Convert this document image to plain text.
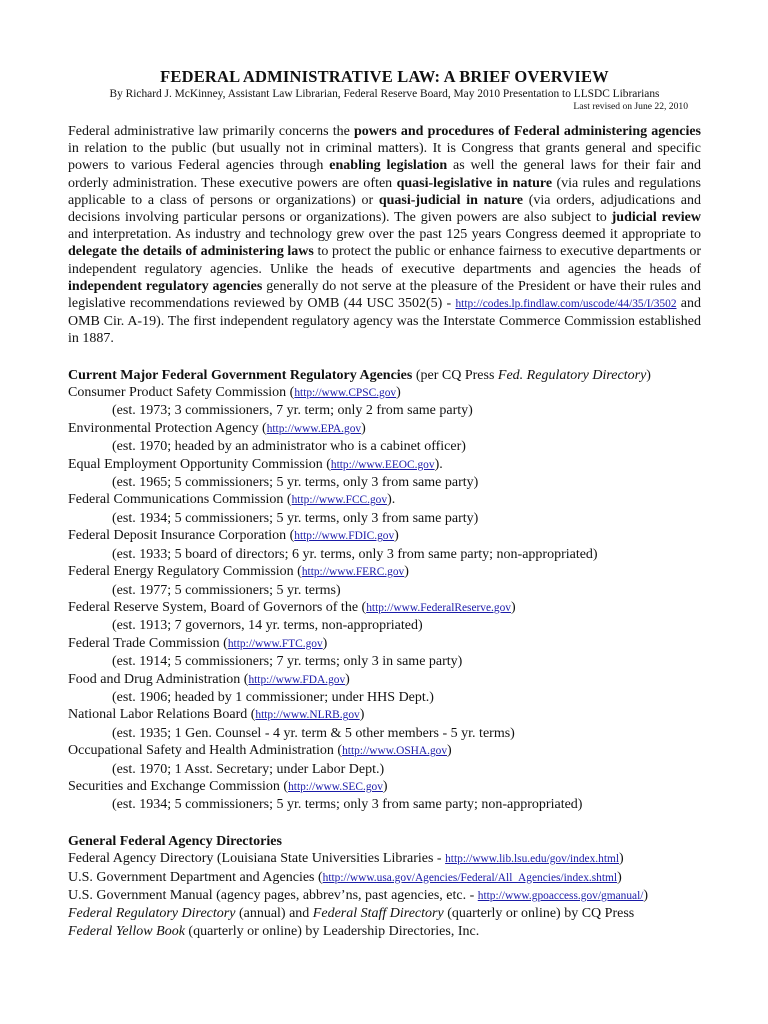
FEDERAL ADMINISTRATIVE LAW: A BRIEF OVERVIEW
By Richard J. McKinney, Assistant Law Librarian, Federal Reserve Board, May 2010 Presentation to LLSDC Librarians
Last revised on June 22, 2010
Federal administrative law primarily concerns the powers and procedures of Federal administering agencies in relation to the public (but usually not in criminal matters). It is Congress that grants general and specific powers to various Federal agencies through enabling legislation as well the general laws for their fair and orderly administration. These executive powers are often quasi-legislative in nature (via rules and regulations applicable to a class of persons or organizations) or quasi-judicial in nature (via orders, adjudications and decisions involving particular persons or organizations). The given powers are also subject to judicial review and interpretation. As industry and technology grew over the past 125 years Congress deemed it appropriate to delegate the details of administering laws to protect the public or enhance fairness to executive departments or independent regulatory agencies. Unlike the heads of executive departments and agencies the heads of independent regulatory agencies generally do not serve at the pleasure of the President or have their rules and legislative recommendations reviewed by OMB (44 USC 3502(5) - http://codes.lp.findlaw.com/uscode/44/35/I/3502 and OMB Cir. A-19). The first independent regulatory agency was the Interstate Commerce Commission established in 1887.
Current Major Federal Government Regulatory Agencies (per CQ Press Fed. Regulatory Directory)
Consumer Product Safety Commission (http://www.CPSC.gov)
(est. 1973; 3 commissioners, 7 yr. term; only 2 from same party)
Environmental Protection Agency (http://www.EPA.gov)
(est. 1970; headed by an administrator who is a cabinet officer)
Equal Employment Opportunity Commission (http://www.EEOC.gov).
(est. 1965; 5 commissioners; 5 yr. terms, only 3 from same party)
Federal Communications Commission (http://www.FCC.gov).
(est. 1934; 5 commissioners; 5 yr. terms, only 3 from same party)
Federal Deposit Insurance Corporation (http://www.FDIC.gov)
(est. 1933; 5 board of directors; 6 yr. terms, only 3 from same party; non-appropriated)
Federal Energy Regulatory Commission (http://www.FERC.gov)
(est. 1977; 5 commissioners; 5 yr. terms)
Federal Reserve System, Board of Governors of the (http://www.FederalReserve.gov)
(est. 1913; 7 governors, 14 yr. terms, non-appropriated)
Federal Trade Commission (http://www.FTC.gov)
(est. 1914; 5 commissioners; 7 yr. terms; only 3 in same party)
Food and Drug Administration (http://www.FDA.gov)
(est. 1906; headed by 1 commissioner; under HHS Dept.)
National Labor Relations Board (http://www.NLRB.gov)
(est. 1935; 1 Gen. Counsel - 4 yr. term & 5 other members - 5 yr. terms)
Occupational Safety and Health Administration (http://www.OSHA.gov)
(est. 1970; 1 Asst. Secretary; under Labor Dept.)
Securities and Exchange Commission (http://www.SEC.gov)
(est. 1934; 5 commissioners; 5 yr. terms; only 3 from same party; non-appropriated)
General Federal Agency Directories
Federal Agency Directory (Louisiana State Universities Libraries - http://www.lib.lsu.edu/gov/index.html)
U.S. Government Department and Agencies (http://www.usa.gov/Agencies/Federal/All_Agencies/index.shtml)
U.S. Government Manual (agency pages, abbrev’ns, past agencies, etc. - http://www.gpoaccess.gov/gmanual/)
Federal Regulatory Directory (annual) and Federal Staff Directory (quarterly or online) by CQ Press
Federal Yellow Book (quarterly or online) by Leadership Directories, Inc.
